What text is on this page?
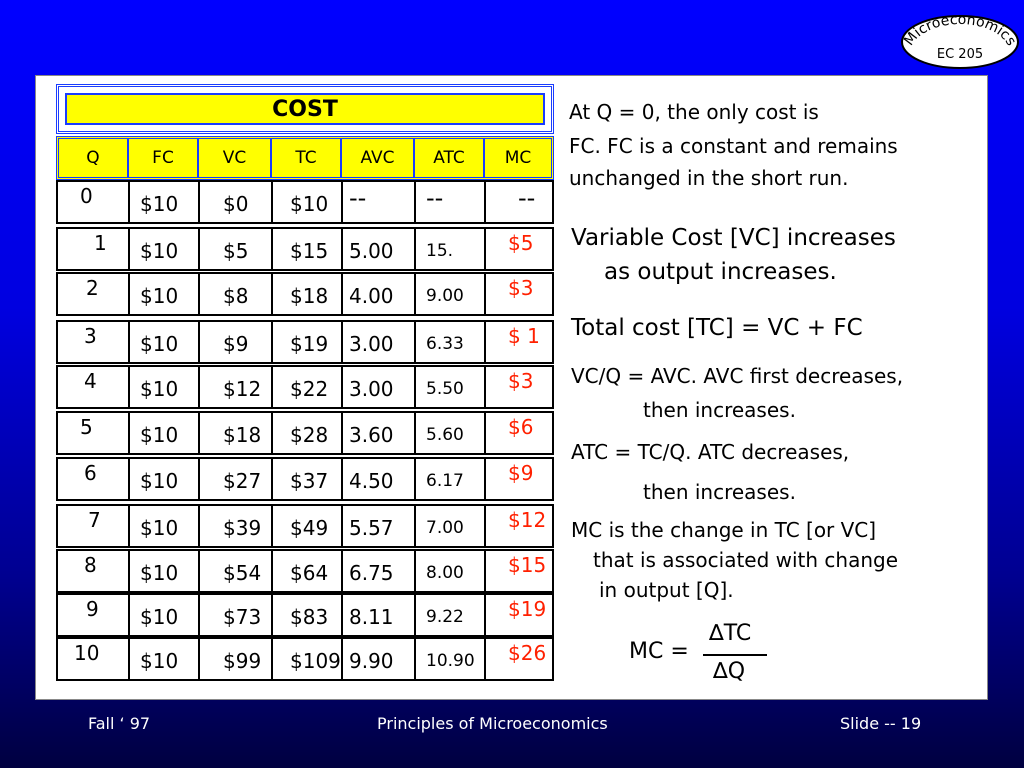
Microeconomics
EC 205
COST
Q	FC	VC	TC	AVC	ATC	MC
0 $10 $0 $10 -- --	--
1 $10 $5 $15 5.00 15.	$5
2 $10 $8 $18 4.00 9.00 $3
3 $10 $9 $19 3.00 6.33 $ 1
4 $10 $12 $22 3.00 5.50 $3
5 $10 $18 $28 3.60 5.60 $6
6 $10 $27 $37 4.50 6.17 $9
7 $10 $39 $49 5.57 7.00 $12
8 $10 $54 $64 6.75 8.00 $15
9 $10 $73 $83 8.11 9.22 $19
10 $10 $99 $109 9.90 10.90 $26
At Q = 0, the only cost is
FC. FC is a constant and remains
unchanged in the short run.
Variable Cost [VC] increases
as output increases.
Total cost [TC] = VC + FC
VC/Q = AVC. AVC first decreases,
then increases.
ATC = TC/Q. ATC decreases,
then increases.
MC is the change in TC [or VC]
that is associated with change
in output [Q].
MC =
∆TC
∆Q
Fall ‘ 97	Principles of Microeconomics	Slide -- 19
